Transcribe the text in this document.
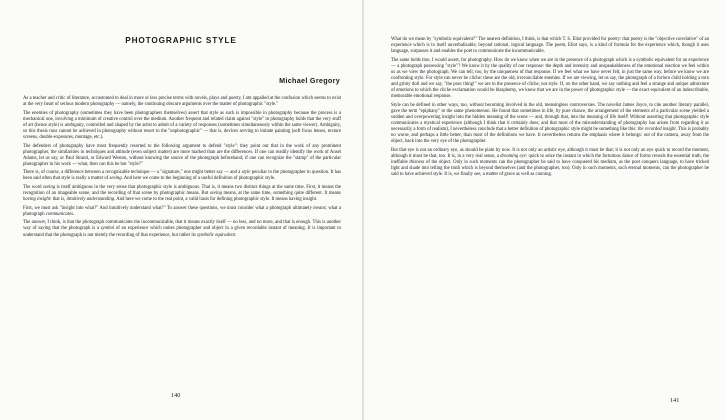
PHOTOGRAPHIC STYLE
Michael Gregory

As a teacher and critic of literature, accustomed to deal in more or less precise terms with novels, plays and poetry, I am appalled at the confusion which seems to exist at the very heart of serious modern photography — namely, the continuing obscure arguments over the matter of photographic "style."

The enemies of photography (sometimes they have been photographers themselves) assert that style as such is impossible in photography because the process is a mechanical one, involving a minimum of creative control over the medium. Another frequent and related claim against "style" in photography holds that the very stuff of art (hence style) is ambiguity, controlled and shaped by the artist to admit of a variety of responses (sometimes simultaneously within the same viewer). Ambiguity, so this thesis runs cannot be achieved in photography without resort to the "unphotographic" — that is, devices serving to imitate painting (soft focus lenses, texture screens, double-exposures, montage, etc.).

The defenders of photography have most frequently resorted to the following argument to defend "style": they point out that in the work of any prominent photographer, the similarities in techniques and attitude (even subject matter) are more marked than are the differences. If one can readily identify the work of Ansel Adams, let us say, or Paul Strand, or Edward Weston, without knowing the source of the photograph beforehand; if one can recognize the "stamp" of the particular photographer in his work — what, then can this be but "style?"

There is, of course, a difference between a recognizable technique — a "signature," one might better say — and a style peculiar to the photographer in question. It has been said often that style is really a matter of seeing. And here we come to the beginning of a useful definition of photographic style.

The word seeing is itself ambiguous in the very sense that photographic style is ambiguous. That is, it means two distinct things at the same time. First, it means the recognition of an imageable scene, and the recording of that scene by photographic means. But seeing means, at the same time, something quite different. It means having insight: that is, intuitively understanding. And here we come to the real point, a valid basis for defining photographic style. It means having insight.

First, we must ask "insight into what?" And intuitively understand what?" To answer these questions, we must consider what a photograph ultimately means; what a photograph communicates.

The answer, I think, is that the photograph communicates the incommunicable, that it means exactly itself — no less, and no more, and that is enough. This is another way of saying that the photograph is a symbol of an experience which unites photographer and object in a given recordable instant of meaning. It is important to understand that the photograph is not merely the recording of that experience, but rather its symbolic equivalent.

140

What do we mean by "symbolic equivalent?" The nearest definition, I think, is that which T. S. Eliot provided for poetry: that poetry is the "objective correlative" of an experience which is in itself unverbalizable, beyond rational, logical language. The poem, Eliot says, is a kind of formula for the experience which, though it uses language, surpasses it and enables the poet to communicate the incommunicable.

The same holds true, I would assert, for photography. How do we know when we are in the presence of a photograph which is a symbolic equivalent for an experience — a photograph possessing "style"? We know it by the quality of our response: the depth and intensity and unspeakableness of the emotional reaction we feel within us as we view the photograph. We can tell, too, by the uniqueness of that response. If we feel what we have never felt, in just the same way, before we know we are confronting style. For style can never be cliche: these are the old, irreconcilable enemies. If we are viewing, let us say, the photograph of a forlorn child holding a torn and grimy doll and we say, "the poor thing!" we are in the presence of cliche, not style. If, on the other hand, we say nothing and feel a strange and unique admixture of emotions to which the cliche exclamation would be blasphemy, we know that we are in the power of photographic style — the exact equivalent of an indescribable, memorable emotional response.

Style can be defined in other ways, too, without becoming involved in the old, meaningless controversies. The novelist James Joyce, to cite another literary parallel, gave the term "epiphany" to the same phenomenon. He found that sometimes in life, by pure chance, the arrangement of the elements of a particular scene yielded a sudden and overpowering insight into the hidden meaning of the scene — and, through that, into the meaning of life itself! Without asserting that photographic style communicates a mystical experience (although I think that it certainly does; and that most of the misunderstanding of photography has arisen from regarding it as necessarily a form of realism), I nevertheless conclude that a better definition of photographic style might be something like this: the recorded insight. This is probably no worse, and perhaps a little better, than most of the definitions we have. It nevertheless returns the emphasis where it belongs: out of the camera, away from the object, back into the very eye of the photographer.

But that eye is not an ordinary eye, as should be plain by now. It is not only an artistic eye, although it must be that; it is not only an eye quick to record the moment, although it must be that, too. It is, in a very real sense, a dreaming eye: quick to seize the instant in which the fortuitous dance of forms reveals the essential truth, the ineffable thisness of the object. Only in such moments can the photographer be said to have conquered his medium, as the poet conquers language, to have tricked light and shade into telling the truth which is beyond themselves (and the photographer, too). Only in such moments, such eternal moments, can the photographer be said to have achieved style. It is, we finally see, a matter of grace as well as cunning.

141
